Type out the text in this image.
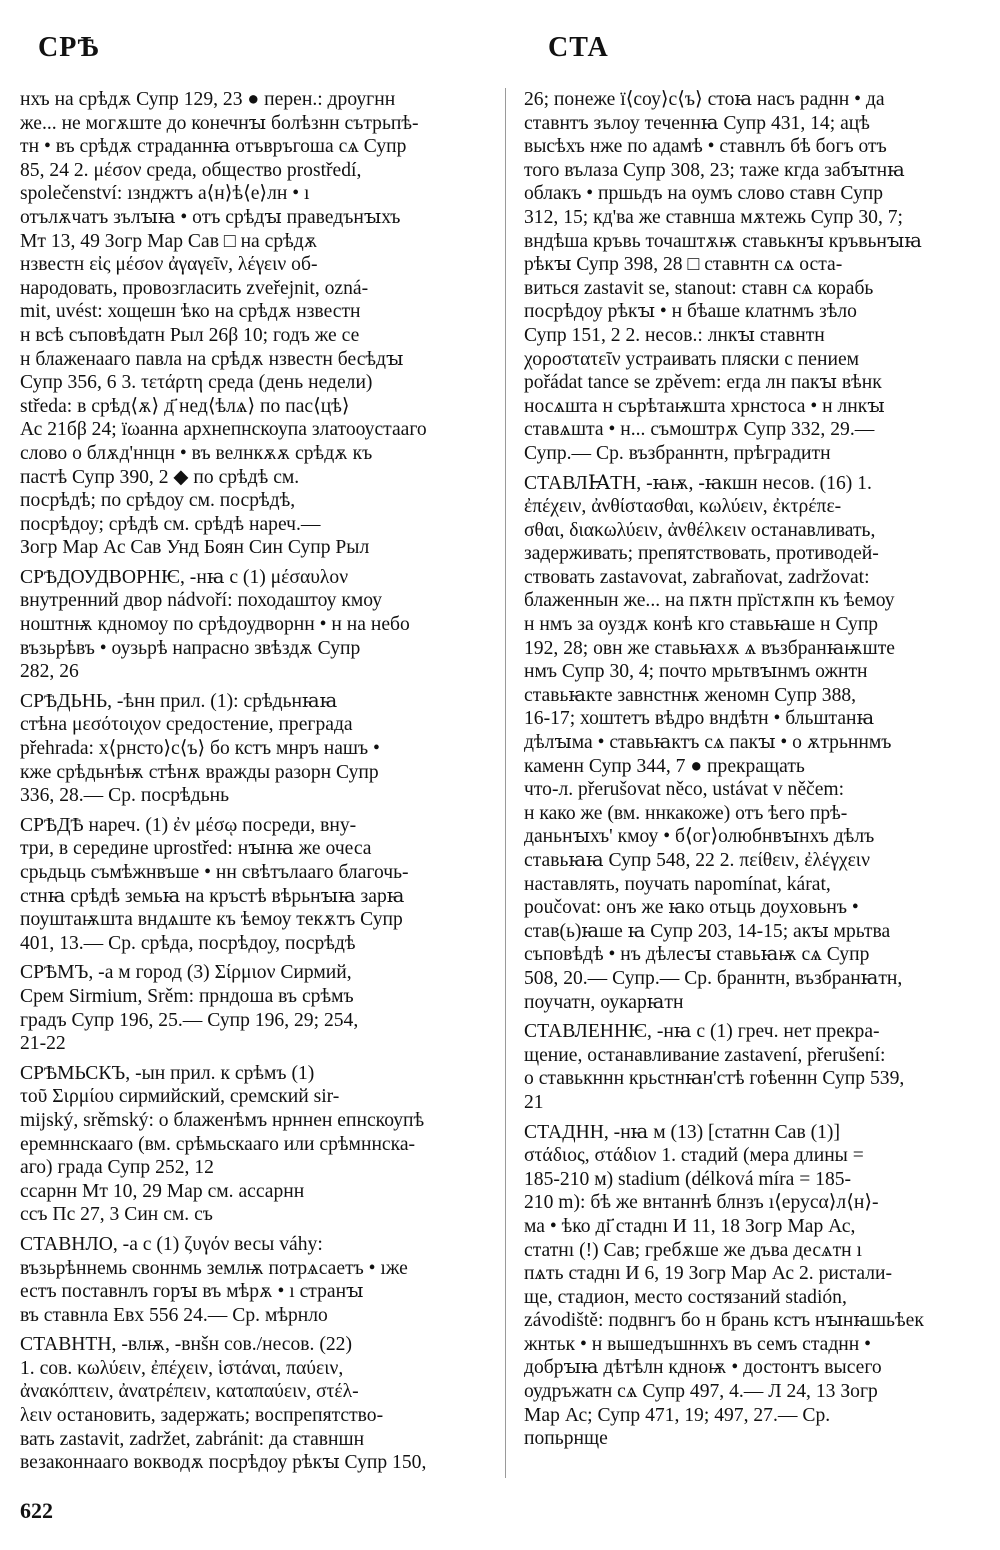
СРѢ	СТА
нхъ на срѣдѫ Супр 129, 23 ● перен.: дроугнн
же... не могѫште до конечнꙑ болѣзнн сътрьпѣ-
тн • въ срѣдѫ страданнꙗ отъвръгоша сѧ Супр
85, 24 2. μέσον среда, общество prostředí,
společenství: ıзнджтъ а⟨н⟩ѣ⟨е⟩лн • ı
отълѫчатъ зълꙑꙗ • отъ срѣдꙑ праведънꙑхъ
Мт 13, 49 Зогр Мар Сав □ на срѣдѫ
нзвестн εἰς μέσον ἀγαγεῖν, λέγειν об-
народовать, провозгласить zveřejnit, ozná-
mit, uvést: хощешн ѣко на срѣдѫ нзвестн
н всѣ съповѣдатн Рыл 26β 10; годъ же се
н блаженааго павла на срѣдѫ нзвестн бесѣдꙑ
Супр 356, 6 3. τετάρτη среда (день недели)
středa: в срѣд⟨ѫ⟩ д҃ нед⟨ѣлѧ⟩ по пас⟨цѣ⟩
Ас 21бβ 24; їωанна архнепнскоупа златооустааго
слово о блѫд'ннцн • въ велнкѫѫ срѣдѫ къ
пастѣ Супр 390, 2 ◆ по срѣдѣ см.
посрѣдѣ; по срѣдоу см. посрѣдѣ,
посрѣдоу; срѣдѣ см. срѣдѣ нареч.—
Зогр Мар Ас Сав Унд Боян Син Супр Рыл
СРѢДОУДВОРНѤ, -нꙗ с (1) μέσαυλον
внутренний двор nádvoří: походаштоу кмоу
ноштнѭ кдномоу по срѣдоудворнн • н на небо
възьрѣвъ • оузьрѣ напрасно звѣздѫ Супр
282, 26
СРѢДЬНЬ, -ѣнн прил. (1): срѣдьнꙗꙗ
стѣна μεσότοιχον средостение, преграда
přehrada: х⟨рнсто⟩с⟨ъ⟩ бо кстъ мнръ нашъ •
кже срѣдьнѣѭ стѣнѫ вражды разорн Супр
336, 28.— Ср. посрѣдьнь
СРѢДѢ нареч. (1) ἐν μέσῳ посреди, вну-
три, в середине uprostřed: нꙑнꙗ же очеса
срьдьць съмѣжнвъше • нн свѣтълааго благочь-
стнꙗ срѣдѣ земьꙗ на кръстѣ вѣрьнꙑꙗ зарꙗ
поуштаѭшта внд﻿ѧште къ ѣемоу текѫтъ Супр
401, 13.— Ср. срѣда, посрѣдоу, посрѣдѣ
СРѢМЪ, -а м город (3) Σίρμιον Сирмий,
Срем Sirmium, Srěm: прндоша въ срѣмъ
градъ Супр 196, 25.— Супр 196, 29; 254,
21-22
СРѢМЬСКЪ, -ын прил. к срѣмъ (1)
τοῦ Σιρμίου сирмийский, сремский sir-
mijský, srěmský: о блаженѣмъ нрннен епнскоупѣ
еремннскааго (вм. срѣмьскааго или срѣмннска-
аго) града Супр 252, 12
ссарнн Мт 10, 29 Мар см. ассарнн
ссъ Пс 27, 3 Син см. съ
СТАВНЛО, -а с (1) ζυγόν весы váhy:
възьрѣннемь своннмь землѭ потрѧсаетъ • ıже
естъ поставнлъ горꙑ въ мѣрѫ • ı странꙑ
въ ставнла Евх 556 24.— Ср. мѣрнло
СТАВНТН, -влѭ, -внšн сов./несов. (22)
1. сов. κωλύειν, ἐπέχειν, ἱστάναι, παύειν,
ἀνακόπτειν, ἀνατρέπειν, καταπαύειν, στέλ-
λειν остановить, задержать; воспрепятство-
вать zastavit, zadržet, zabránit: да ставншн
везаконнааго воквод﻿ѫ посрѣдоу рѣкꙑ Супр 150,
26; понеже ї⟨соу⟩с⟨ъ⟩ стоꙗ насъ раднн • да
ставнтъ зълоу теченнꙗ Супр 431, 14; ацѣ
высѣхъ нже по адамѣ • ставнлъ бѣ богъ отъ
того вълаза Супр 308, 23; таже кгда забꙑтнꙗ
облакъ • пршьдъ на оумъ слово ставн Супр
312, 15; кд'ва же ставнша мѫтежь Супр 30, 7;
внд﻿ѣша кръвь точаштѫѭ ставькнꙑ кръвьнꙑꙗ
рѣкꙑ Супр 398, 28 □ ставнтн сѧ оста-
виться zastavit se, stanout: ставн сѧ корабь
посрѣдоу рѣкꙑ • н бѣаше клатнмъ зѣло
Супр 151, 2 2. несов.: лнкꙑ ставнтн
χοροστατεῖν устраивать пляски с пением
pořádat tance se zpěvem: егда лн пакꙑ вѣнк
носѧшта н сърѣтаѭшта хрнстоса • н лнкꙑ
ставѧшта • н... съмоштрѫ Супр 332, 29.—
Супр.— Ср. възбраннтн, прѣградитн
СТАВЛꙖТН, -ꙗѭ, -ꙗкшн несов. (16) 1.
ἐπέχειν, ἀνθίστασθαι, κωλύειν, ἐκτρέπε-
σθαι, διακωλύειν, ἀνθέλκειν останавливать,
задерживать; препятствовать, противодей-
ствовать zastavovat, zabraňovat, zadržovat:
блаженнын же... на пѫтн прїстѫпн къ ѣемоу
н нмъ за оуздѫ конѣ кго ставьꙗше н Супр
192, 28; овн же ставьꙗхѫ ѧ възбранꙗѭште
нмъ Супр 30, 4; почто мрьтвꙑнмъ ожнтн
ставьꙗкте завнстнѭ женомн Супр 388,
16-17; хоштетъ вѣдро внд﻿ѣтн • бльштанꙗ
дѣлꙑма • ставьꙗктъ сѧ пакꙑ • о ѫтрьннмъ
каменн Супр 344, 7 ● прекращать
что-л. přerušovat něco, ustávat v něčem:
н како же (вм. ннкакоже) отъ ѣего прѣ-
даньнꙑхъ' кмоу • б⟨ог⟩олюбнвꙑнхъ дѣлъ
ставьꙗꙗ Супр 548, 22 2. πείθειν, ἐλέγχειν
наставлять, поучать napomínat, kárat,
poučovat: онъ же ꙗко отьць доуховьнъ •
став(ь)ꙗше ꙗ Супр 203, 14-15; акꙑ мрьтва
съповѣдѣ • нъ дѣлесꙑ ставьꙗѭ сѧ Супр
508, 20.— Супр.— Ср. браннтн, възбранꙗтн,
поучатн, оукарꙗтн
СТАВЛЕННѤ, -нꙗ с (1) греч. нет прекра-
щение, останавливание zastavení, přerušení:
о ставькннн крьстнꙗн'стѣ гоѣеннн Супр 539,
21
СТАДНН, -нꙗ м (13) [статнн Сав (1)]
στάδιος, στάδιον 1. стадий (мера длины =
185-210 м) stadium (délková míra = 185-
210 m): бѣ же внтаннѣ блнзъ ı⟨ерусα⟩л⟨н⟩-
ма • ѣко ді҃ стаднı И 11, 18 Зогр Мар Ас,
статнı (!) Сав; гребѫше же дъва десѧтн ı
пѧть стаднı И 6, 19 Зогр Мар Ас 2. ристали-
ще, стадион, место состязаний stadión,
závodiště: подвнгъ бо н брань кстъ нꙑнꙗшьѣек
жнтьк • н вышедъшннхъ въ семъ стаднн •
добрꙑꙗ дѣтѣлн кдноѭ • достонтъ высего
оудръжатн сѧ Супр 497, 4.— Л 24, 13 Зогр
Мар Ас; Супр 471, 19; 497, 27.— Ср.
попьрнще
622
